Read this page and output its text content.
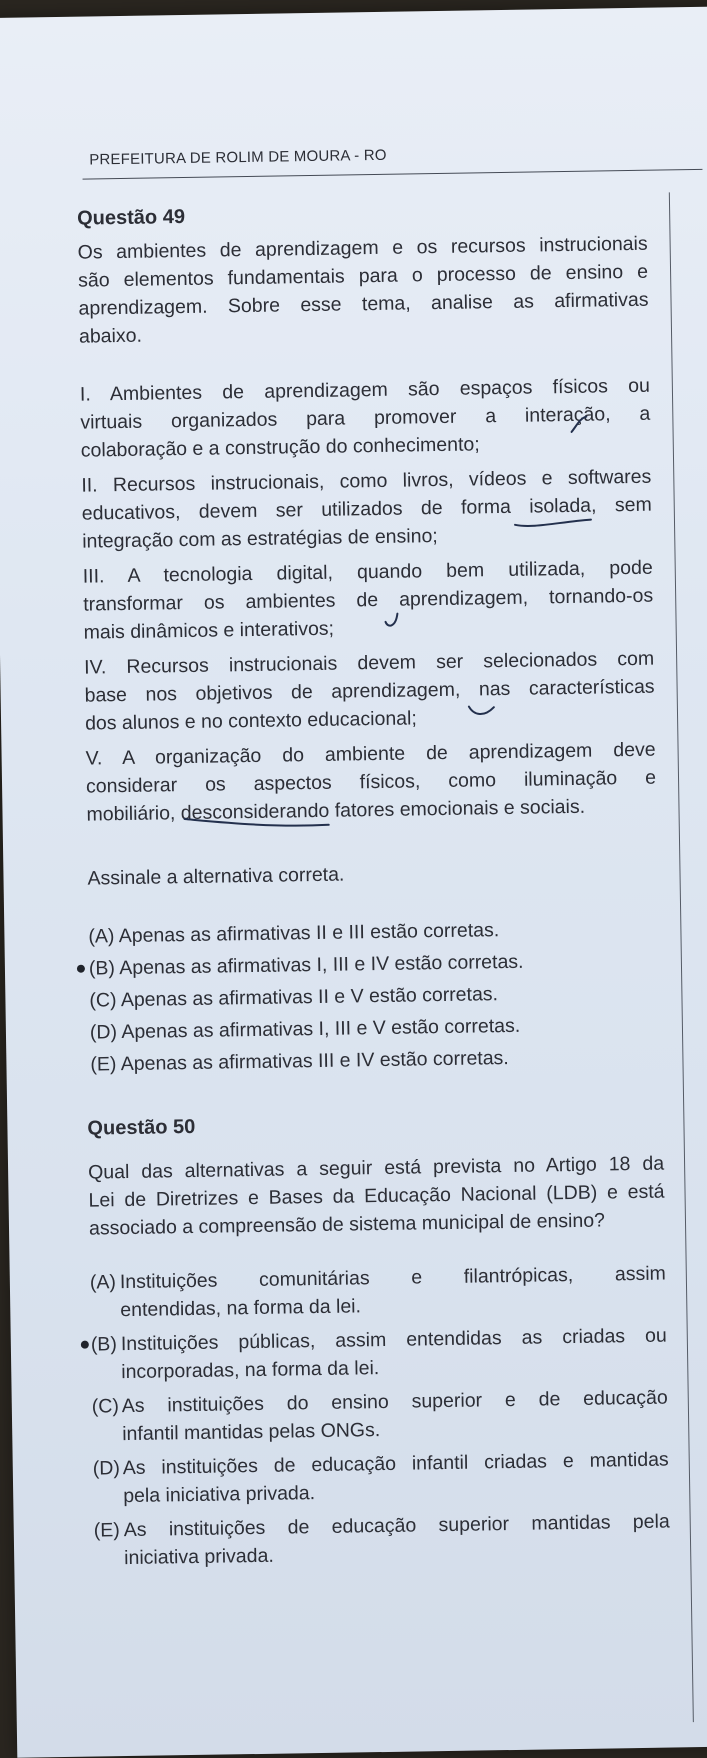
PREFEITURA DE ROLIM DE MOURA - RO

Questão 49

Os ambientes de aprendizagem e os recursos instrucionais

são elementos fundamentais para o processo de ensino e

aprendizagem. Sobre esse tema, analise as afirmativas

abaixo.

I. Ambientes de aprendizagem são espaços físicos ou

virtuais organizados para promover a interação, a

colaboração e a construção do conhecimento;

II. Recursos instrucionais, como livros, vídeos e softwares

educativos, devem ser utilizados de forma isolada, sem

integração com as estratégias de ensino;

III. A tecnologia digital, quando bem utilizada, pode

transformar os ambientes de aprendizagem, tornando-os

mais dinâmicos e interativos;

IV. Recursos instrucionais devem ser selecionados com

base nos objetivos de aprendizagem, nas características

dos alunos e no contexto educacional;

V. A organização do ambiente de aprendizagem deve

considerar os aspectos físicos, como iluminação e

mobiliário, desconsiderando fatores emocionais e sociais.

Assinale a alternativa correta.

(A) Apenas as afirmativas II e III estão corretas.

(B) Apenas as afirmativas I, III e IV estão corretas.

(C) Apenas as afirmativas II e V estão corretas.

(D) Apenas as afirmativas I, III e V estão corretas.

(E) Apenas as afirmativas III e IV estão corretas.

Questão 50

Qual das alternativas a seguir está prevista no Artigo 18 da

Lei de Diretrizes e Bases da Educação Nacional (LDB) e está

associado a compreensão de sistema municipal de ensino?

(A) Instituições comunitárias e filantrópicas, assim

entendidas, na forma da lei.

(B) Instituições públicas, assim entendidas as criadas ou

incorporadas, na forma da lei.

(C) As instituições do ensino superior e de educação

infantil mantidas pelas ONGs.

(D) As instituições de educação infantil criadas e mantidas

pela iniciativa privada.

(E) As instituições de educação superior mantidas pela

iniciativa privada.
